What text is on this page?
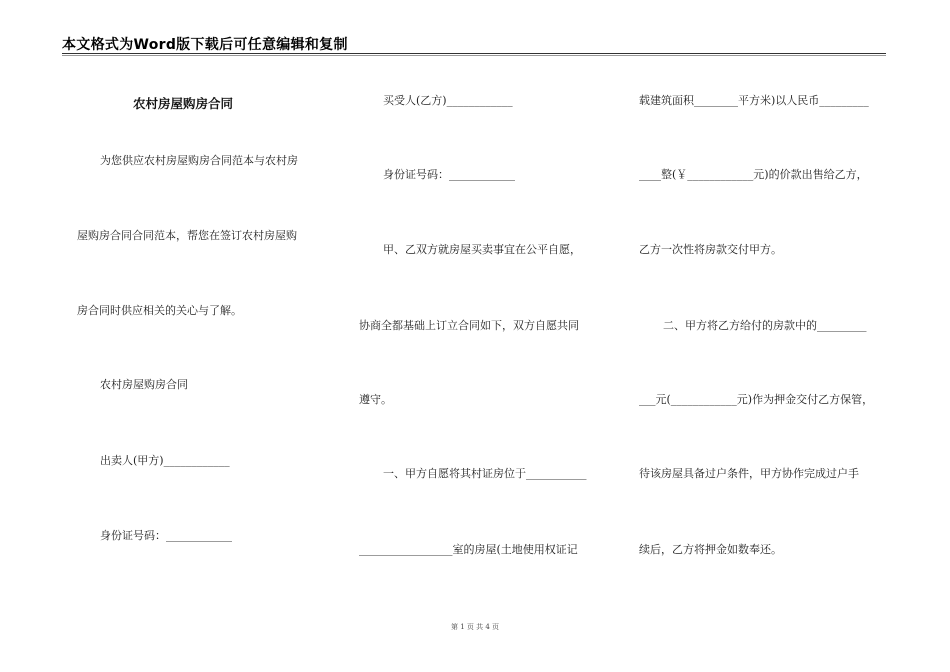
本文格式为Word版下载后可任意编辑和复制
农村房屋购房合同
为您供应农村房屋购房合同范本与农村房
屋购房合同合同范本，帮您在签订农村房屋购
房合同时供应相关的关心与了解。
农村房屋购房合同
出卖人(甲方)____________
身份证号码：____________
买受人(乙方)____________
身份证号码：____________
甲、乙双方就房屋买卖事宜在公平自愿，
协商全都基础上订立合同如下，双方自愿共同
遵守。
一、甲方自愿将其村证房位于___________
_________________室的房屋(土地使用权证记
载建筑面积________平方米)以人民币_________
____整(￥____________元)的价款出售给乙方，
乙方一次性将房款交付甲方。
二、甲方将乙方给付的房款中的_________
___元(____________元)作为押金交付乙方保管，
待该房屋具备过户条件，甲方协作完成过户手
续后，乙方将押金如数奉还。
第 1 页 共 4 页
